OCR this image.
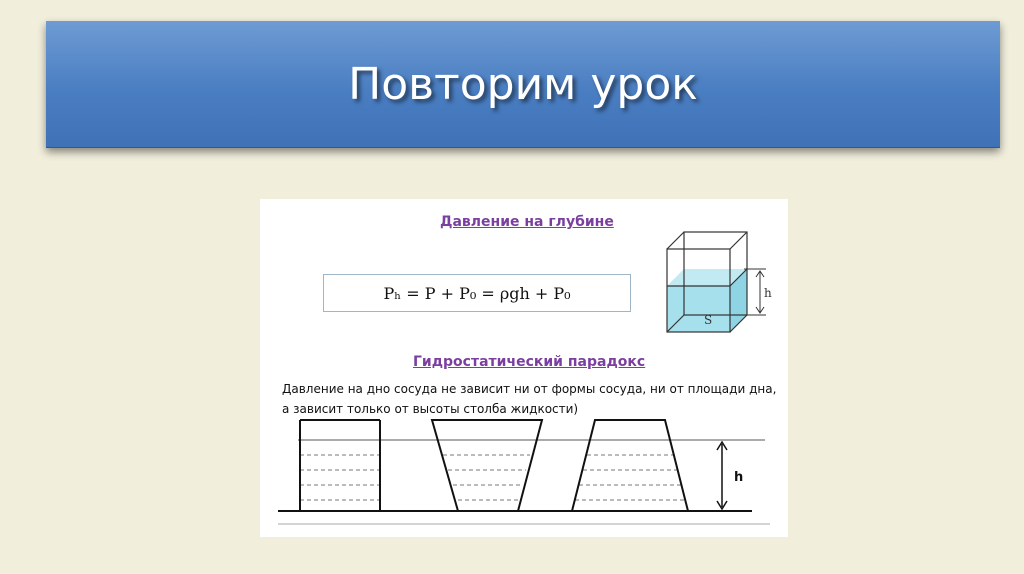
Повторим урок
Давление на глубине
Pₕ = P + P₀ = ρgh + P₀	h
S
Гидростатический парадокс
Давление на дно сосуда не зависит ни от формы сосуда, ни от площади дна,
а зависит только от высоты столба жидкости)
h
